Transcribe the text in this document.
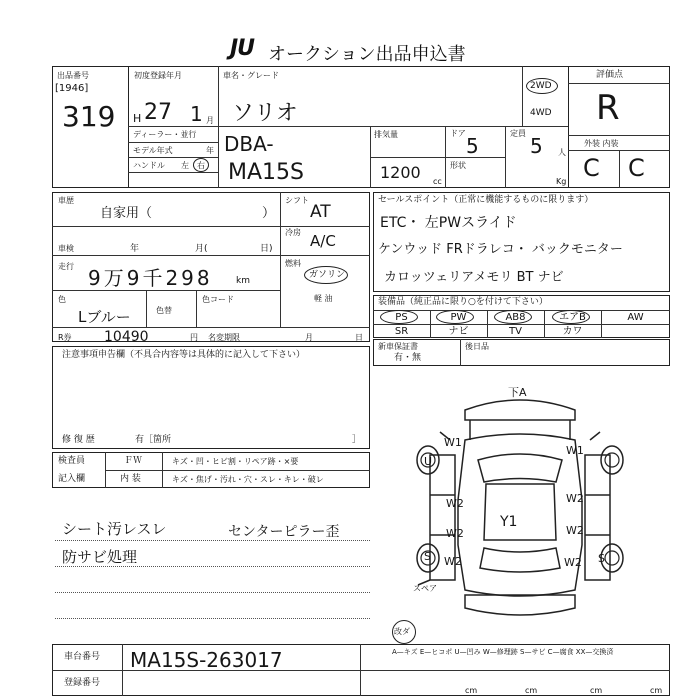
JU オークション出品申込書
出品番号
[1946]
319
初度登録年月
H 27 1 月
ディーラー・並行
モデル年式	年
ハンドル 左 右
車名・グレード
ソリオ
DBA-
MA15S
2WD
4WD
排気量	ドア
5
定員
5 人
1200 cc
形状
Kg
評価点
R
外装 内装
C C
車歴
自家用（	）
車検	年	月(	日)
走行 9万9千298	km
色
Lブルー	色替
色コード
R券 10490	円 名変期限	月	日
シフト
AT
冷房 A/C
燃料
ガソリン
軽 油
注意事項申告欄（不具合内容等は具体的に記入して下さい）
修 復 歴	有［箇所	］
検査員
記入欄
ＦＷ	キズ・凹・ヒビ割・リペア跡・×要
内 装	キズ・焦げ・汚れ・穴・スレ・キレ・破レ
シート汚レスレ
防サビ処理
センターピラー歪
セールスポイント（正常に機能するものに限ります）
ETC・ 左PWスライド
ケンウッド FRドラレコ・ バックモニター
カロッツェリアメモリ BT ナビ
装備品（純正品に限り○を付けて下さい）
PS	PW	AB8	エアB	AW
SR	ナビ	TV	カワ
新車保証書
有・無
後日品
下A
Y1
W1
W1
W2
W2
W2
W2
W2
W2
S	S
U
スペア
改ダ
車台番号 MA15S-263017
登録番号
A—キズ E—ヒコポ U—凹み W—修理跡 S—サビ C—腐食 XX—交換済
cm	cm	cm	cm
